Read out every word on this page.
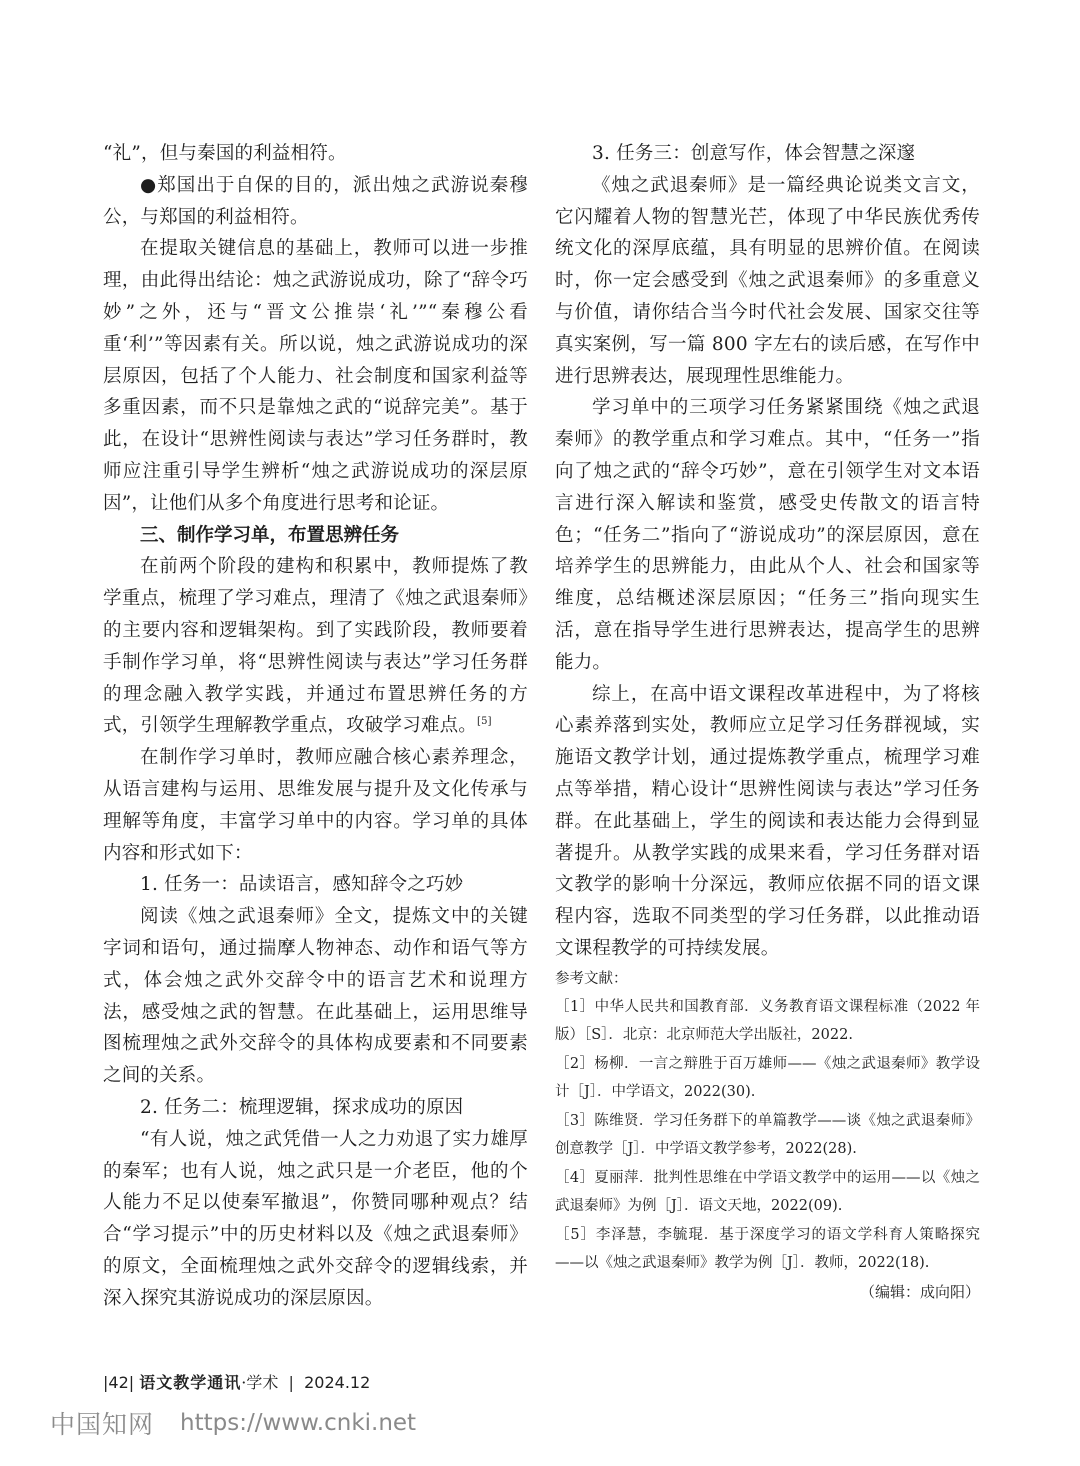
“礼”，但与秦国的利益相符。

●郑国出于自保的目的，派出烛之武游说秦穆公，与郑国的利益相符。

在提取关键信息的基础上，教师可以进一步推理，由此得出结论：烛之武游说成功，除了“辞令巧妙”之外，还与“晋文公推崇‘礼’”“秦穆公看重‘利’”等因素有关。所以说，烛之武游说成功的深层原因，包括了个人能力、社会制度和国家利益等多重因素，而不只是靠烛之武的“说辞完美”。基于此，在设计“思辨性阅读与表达”学习任务群时，教师应注重引导学生辨析“烛之武游说成功的深层原因”，让他们从多个角度进行思考和论证。

三、制作学习单，布置思辨任务

在前两个阶段的建构和积累中，教师提炼了教学重点，梳理了学习难点，理清了《烛之武退秦师》的主要内容和逻辑架构。到了实践阶段，教师要着手制作学习单，将“思辨性阅读与表达”学习任务群的理念融入教学实践，并通过布置思辨任务的方式，引领学生理解教学重点，攻破学习难点。[5]

在制作学习单时，教师应融合核心素养理念，从语言建构与运用、思维发展与提升及文化传承与理解等角度，丰富学习单中的内容。学习单的具体内容和形式如下：

1. 任务一：品读语言，感知辞令之巧妙

阅读《烛之武退秦师》全文，提炼文中的关键字词和语句，通过揣摩人物神态、动作和语气等方式，体会烛之武外交辞令中的语言艺术和说理方法，感受烛之武的智慧。在此基础上，运用思维导图梳理烛之武外交辞令的具体构成要素和不同要素之间的关系。

2. 任务二：梳理逻辑，探求成功的原因

“有人说，烛之武凭借一人之力劝退了实力雄厚的秦军；也有人说，烛之武只是一介老臣，他的个人能力不足以使秦军撤退”，你赞同哪种观点？结合“学习提示”中的历史材料以及《烛之武退秦师》的原文，全面梳理烛之武外交辞令的逻辑线索，并深入探究其游说成功的深层原因。

3. 任务三：创意写作，体会智慧之深邃

《烛之武退秦师》是一篇经典论说类文言文，它闪耀着人物的智慧光芒，体现了中华民族优秀传统文化的深厚底蕴，具有明显的思辨价值。在阅读时，你一定会感受到《烛之武退秦师》的多重意义与价值，请你结合当今时代社会发展、国家交往等真实案例，写一篇 800 字左右的读后感，在写作中进行思辨表达，展现理性思维能力。

学习单中的三项学习任务紧紧围绕《烛之武退秦师》的教学重点和学习难点。其中，“任务一”指向了烛之武的“辞令巧妙”，意在引领学生对文本语言进行深入解读和鉴赏，感受史传散文的语言特色；“任务二”指向了“游说成功”的深层原因，意在培养学生的思辨能力，由此从个人、社会和国家等维度，总结概述深层原因；“任务三”指向现实生活，意在指导学生进行思辨表达，提高学生的思辨能力。

综上，在高中语文课程改革进程中，为了将核心素养落到实处，教师应立足学习任务群视域，实施语文教学计划，通过提炼教学重点，梳理学习难点等举措，精心设计“思辨性阅读与表达”学习任务群。在此基础上，学生的阅读和表达能力会得到显著提升。从教学实践的成果来看，学习任务群对语文教学的影响十分深远，教师应依据不同的语文课程内容，选取不同类型的学习任务群，以此推动语文课程教学的可持续发展。

参考文献：

［1］中华人民共和国教育部．义务教育语文课程标准（2022 年版）［S］．北京：北京师范大学出版社，2022.

［2］杨柳．一言之辩胜于百万雄师——《烛之武退秦师》教学设计［J］．中学语文，2022(30).

［3］陈维贤．学习任务群下的单篇教学——谈《烛之武退秦师》创意教学［J］．中学语文教学参考，2022(28).

［4］夏丽萍．批判性思维在中学语文教学中的运用——以《烛之武退秦师》为例［J］．语文天地，2022(09).

［5］李泽慧，李毓琨．基于深度学习的语文学科育人策略探究——以《烛之武退秦师》教学为例［J］．教师，2022(18).

（编辑：成向阳）

|42| 语文教学通讯·学术  |  2024.12
中国知网 https://www.cnki.net
